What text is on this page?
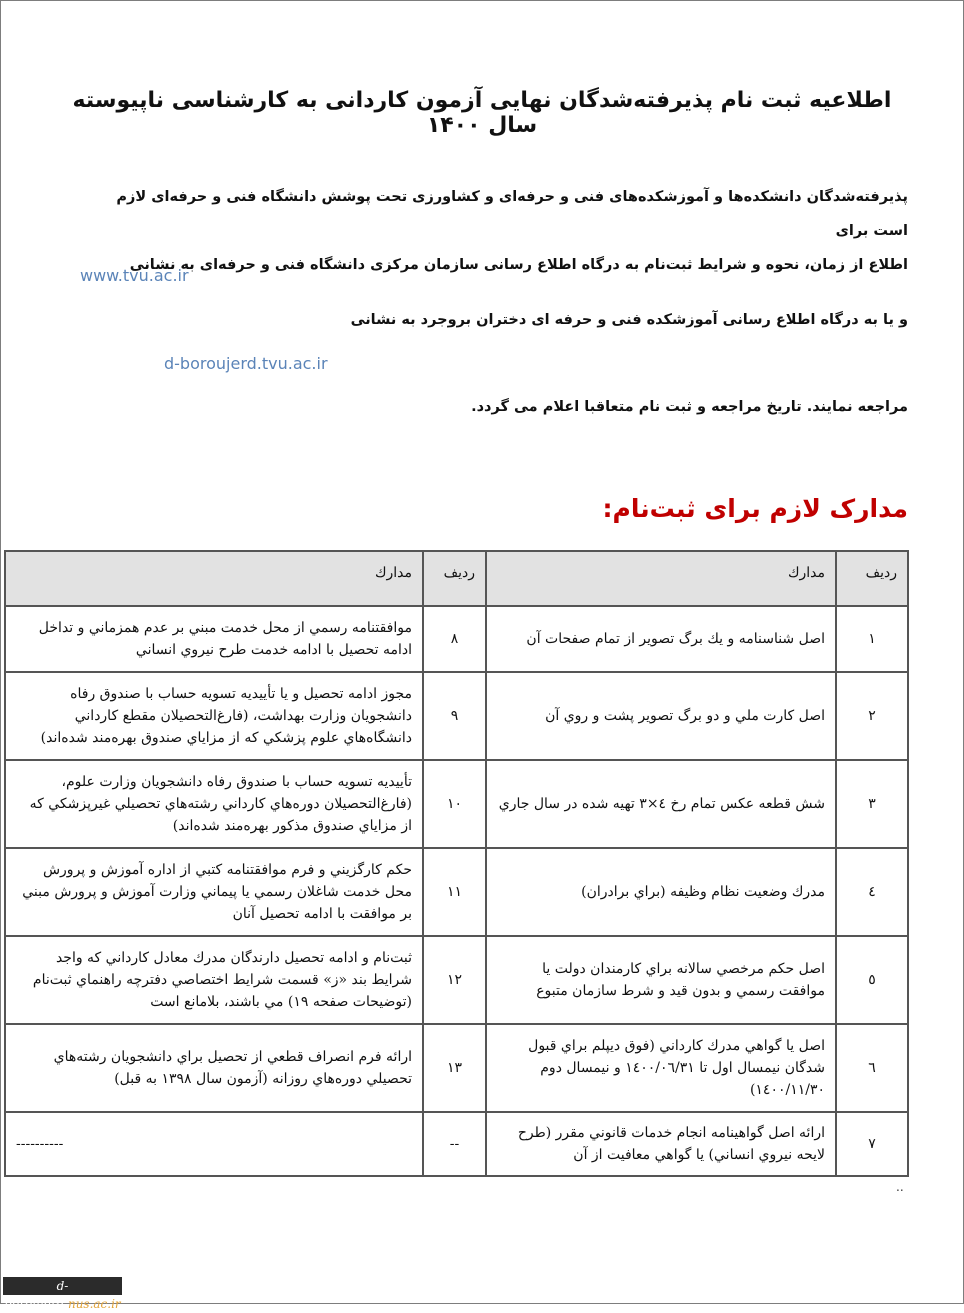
اطلاعیه ثبت نام پذیرفته‌شدگان نهایی آزمون کاردانی به کارشناسی ناپیوسته سال ۱۴۰۰
پذیرفته‌شدگان دانشکده‌ها و آموزشکده‌های فنی و حرفه‌ای و کشاورزی تحت پوشش دانشگاه فنی و حرفه‌ای لازم است برای
اطلاع از زمان، نحوه و شرایط ثبت‌نام به درگاه اطلاع رسانی سازمان مرکزی دانشگاه فنی و حرفه‌ای به نشانی
www.tvu.ac.ir
و یا به درگاه اطلاع رسانی آموزشکده فنی و حرفه ای دختران بروجرد به نشانی
d-boroujerd.tvu.ac.ir
مراجعه نمایند. تاریخ مراجعه و ثبت نام متعاقبا اعلام می گردد.
مدارک لازم برای ثبت‌نام:
رديف	مدارك	رديف	مدارك
١	اصل شناسنامه و يك برگ تصوير از تمام صفحات آن	٨	موافقتنامه رسمي از محل خدمت مبني بر عدم همزماني و تداخل ادامه تحصيل با ادامه خدمت طرح نيروي انساني
٢	اصل كارت ملي و دو برگ تصوير پشت و روي آن	٩	مجوز ادامه تحصيل و يا تأييديه تسويه حساب با صندوق رفاه دانشجويان وزارت بهداشت، (فارغ‌التحصيلان مقطع كارداني دانشگاه‌هاي علوم پزشكي كه از مزاياي صندوق بهره‌مند شده‌اند)
٣	شش قطعه عكس تمام رخ ٤×٣ تهيه شده در سال جاري	١٠	تأييديه تسويه حساب با صندوق رفاه دانشجويان وزارت علوم، (فارغ‌التحصيلان دوره‌هاي كارداني رشته‌هاي تحصيلي غيرپزشكي كه از مزاياي صندوق مذكور بهره‌مند شده‌اند)
٤	مدرك وضعيت نظام وظيفه (براي برادران)	١١	حكم كارگزيني و فرم موافقتنامه كتبي از اداره آموزش و پرورش محل خدمت شاغلان رسمي يا پيماني وزارت آموزش و پرورش مبني بر موافقت با ادامه تحصيل آنان
٥	اصل حكم مرخصي سالانه براي كارمندان دولت يا موافقت رسمي و بدون قيد و شرط سازمان متبوع	١٢	ثبت‌نام و ادامه تحصيل دارندگان مدرك معادل كارداني كه واجد شرايط بند «ز» قسمت شرايط اختصاصي دفترچه راهنماي ثبت‌نام (توضيحات صفحه ١٩) مي باشند، بلامانع است
٦	اصل يا گواهي مدرك كارداني (فوق ديپلم براي قبول شدگان نيمسال اول تا ١٤٠٠/٠٦/٣١ و نيمسال دوم ١٤٠٠/١١/٣٠)	١٣	ارائه فرم انصراف قطعي از تحصيل براي دانشجويان رشته‌هاي تحصيلي دوره‌هاي روزانه (آزمون سال ١٣٩٨ به قبل)
٧	ارائه اصل گواهينامه انجام خدمات قانوني مقرر (طرح لايحه نيروي انساني) يا گواهي معافيت از آن	--	----------
..
d-boroujerd.nus.ac.ir
